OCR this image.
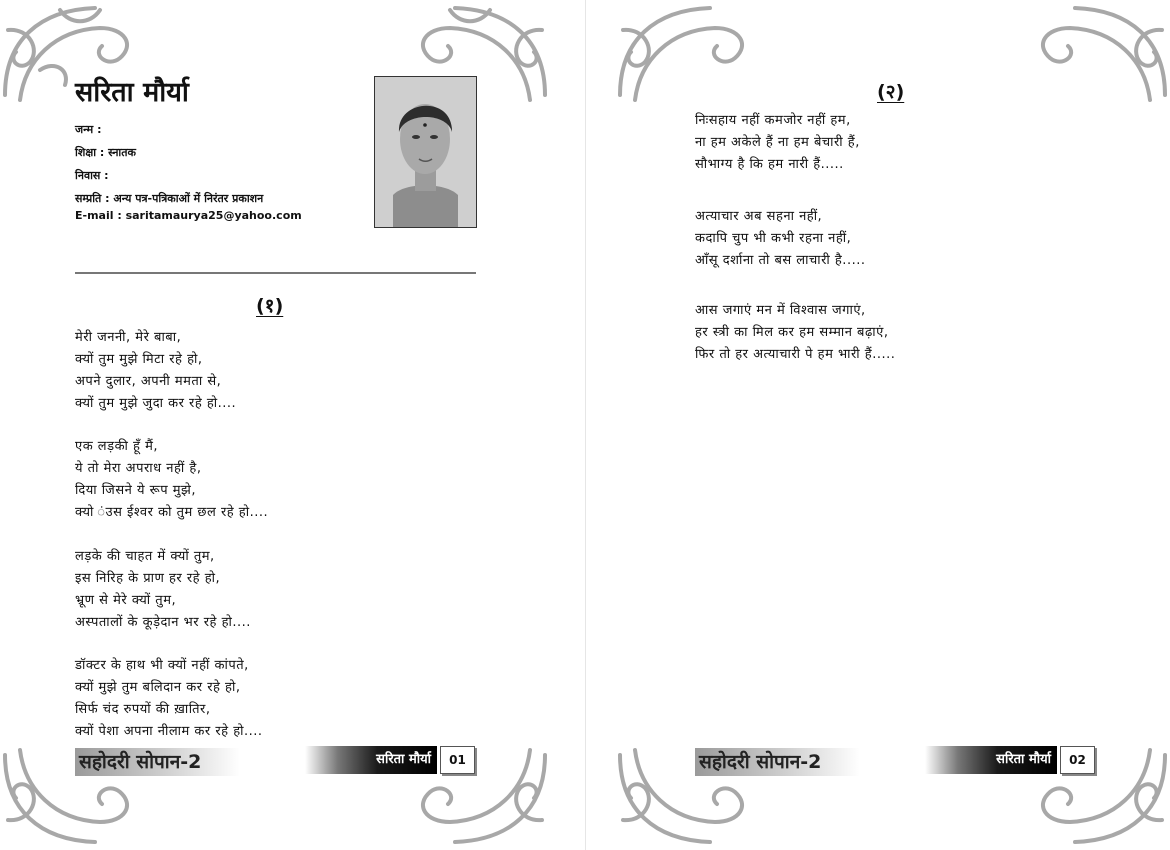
सरिता मौर्या
जन्म :
शिक्षा : स्नातक
निवास :
सम्प्रति : अन्य पत्र-पत्रिकाओं में निरंतर प्रकाशन
E-mail : saritamaurya25@yahoo.com
(१)
मेरी जननी, मेरे बाबा,
क्यों तुम मुझे मिटा रहे हो,
अपने दुलार, अपनी ममता से,
क्यों तुम मुझे जुदा कर रहे हो....
एक लड़की हूँ मैं,
ये तो मेरा अपराध नहीं है,
दिया जिसने ये रूप मुझे,
क्यो ंउस ईश्वर को तुम छल रहे हो....
लड़के की चाहत में क्यों तुम,
इस निरिह के प्राण हर रहे हो,
भ्रूण से मेरे क्यों तुम,
अस्पतालों के कूड़ेदान भर रहे हो....
डॉक्टर के हाथ भी क्यों नहीं कांपते,
क्यों मुझे तुम बलिदान कर रहे हो,
सिर्फ चंद रुपयों की ख़ातिर,
क्यों पेशा अपना नीलाम कर रहे हो....
सहोदरी सोपान-2	सरिता मौर्या	01
(२)
निःसहाय नहीं कमजोर नहीं हम,
ना हम अकेले हैं ना हम बेचारी हैं,
सौभाग्य है कि हम नारी हैं.....
अत्याचार अब सहना नहीं,
कदापि चुप भी कभी रहना नहीं,
आँसू दर्शाना तो बस लाचारी है.....
आस जगाएं मन में विश्वास जगाएं,
हर स्त्री का मिल कर हम सम्मान बढ़ाएं,
फिर तो हर अत्याचारी पे हम भारी हैं.....
सहोदरी सोपान-2	सरिता मौर्या	02
